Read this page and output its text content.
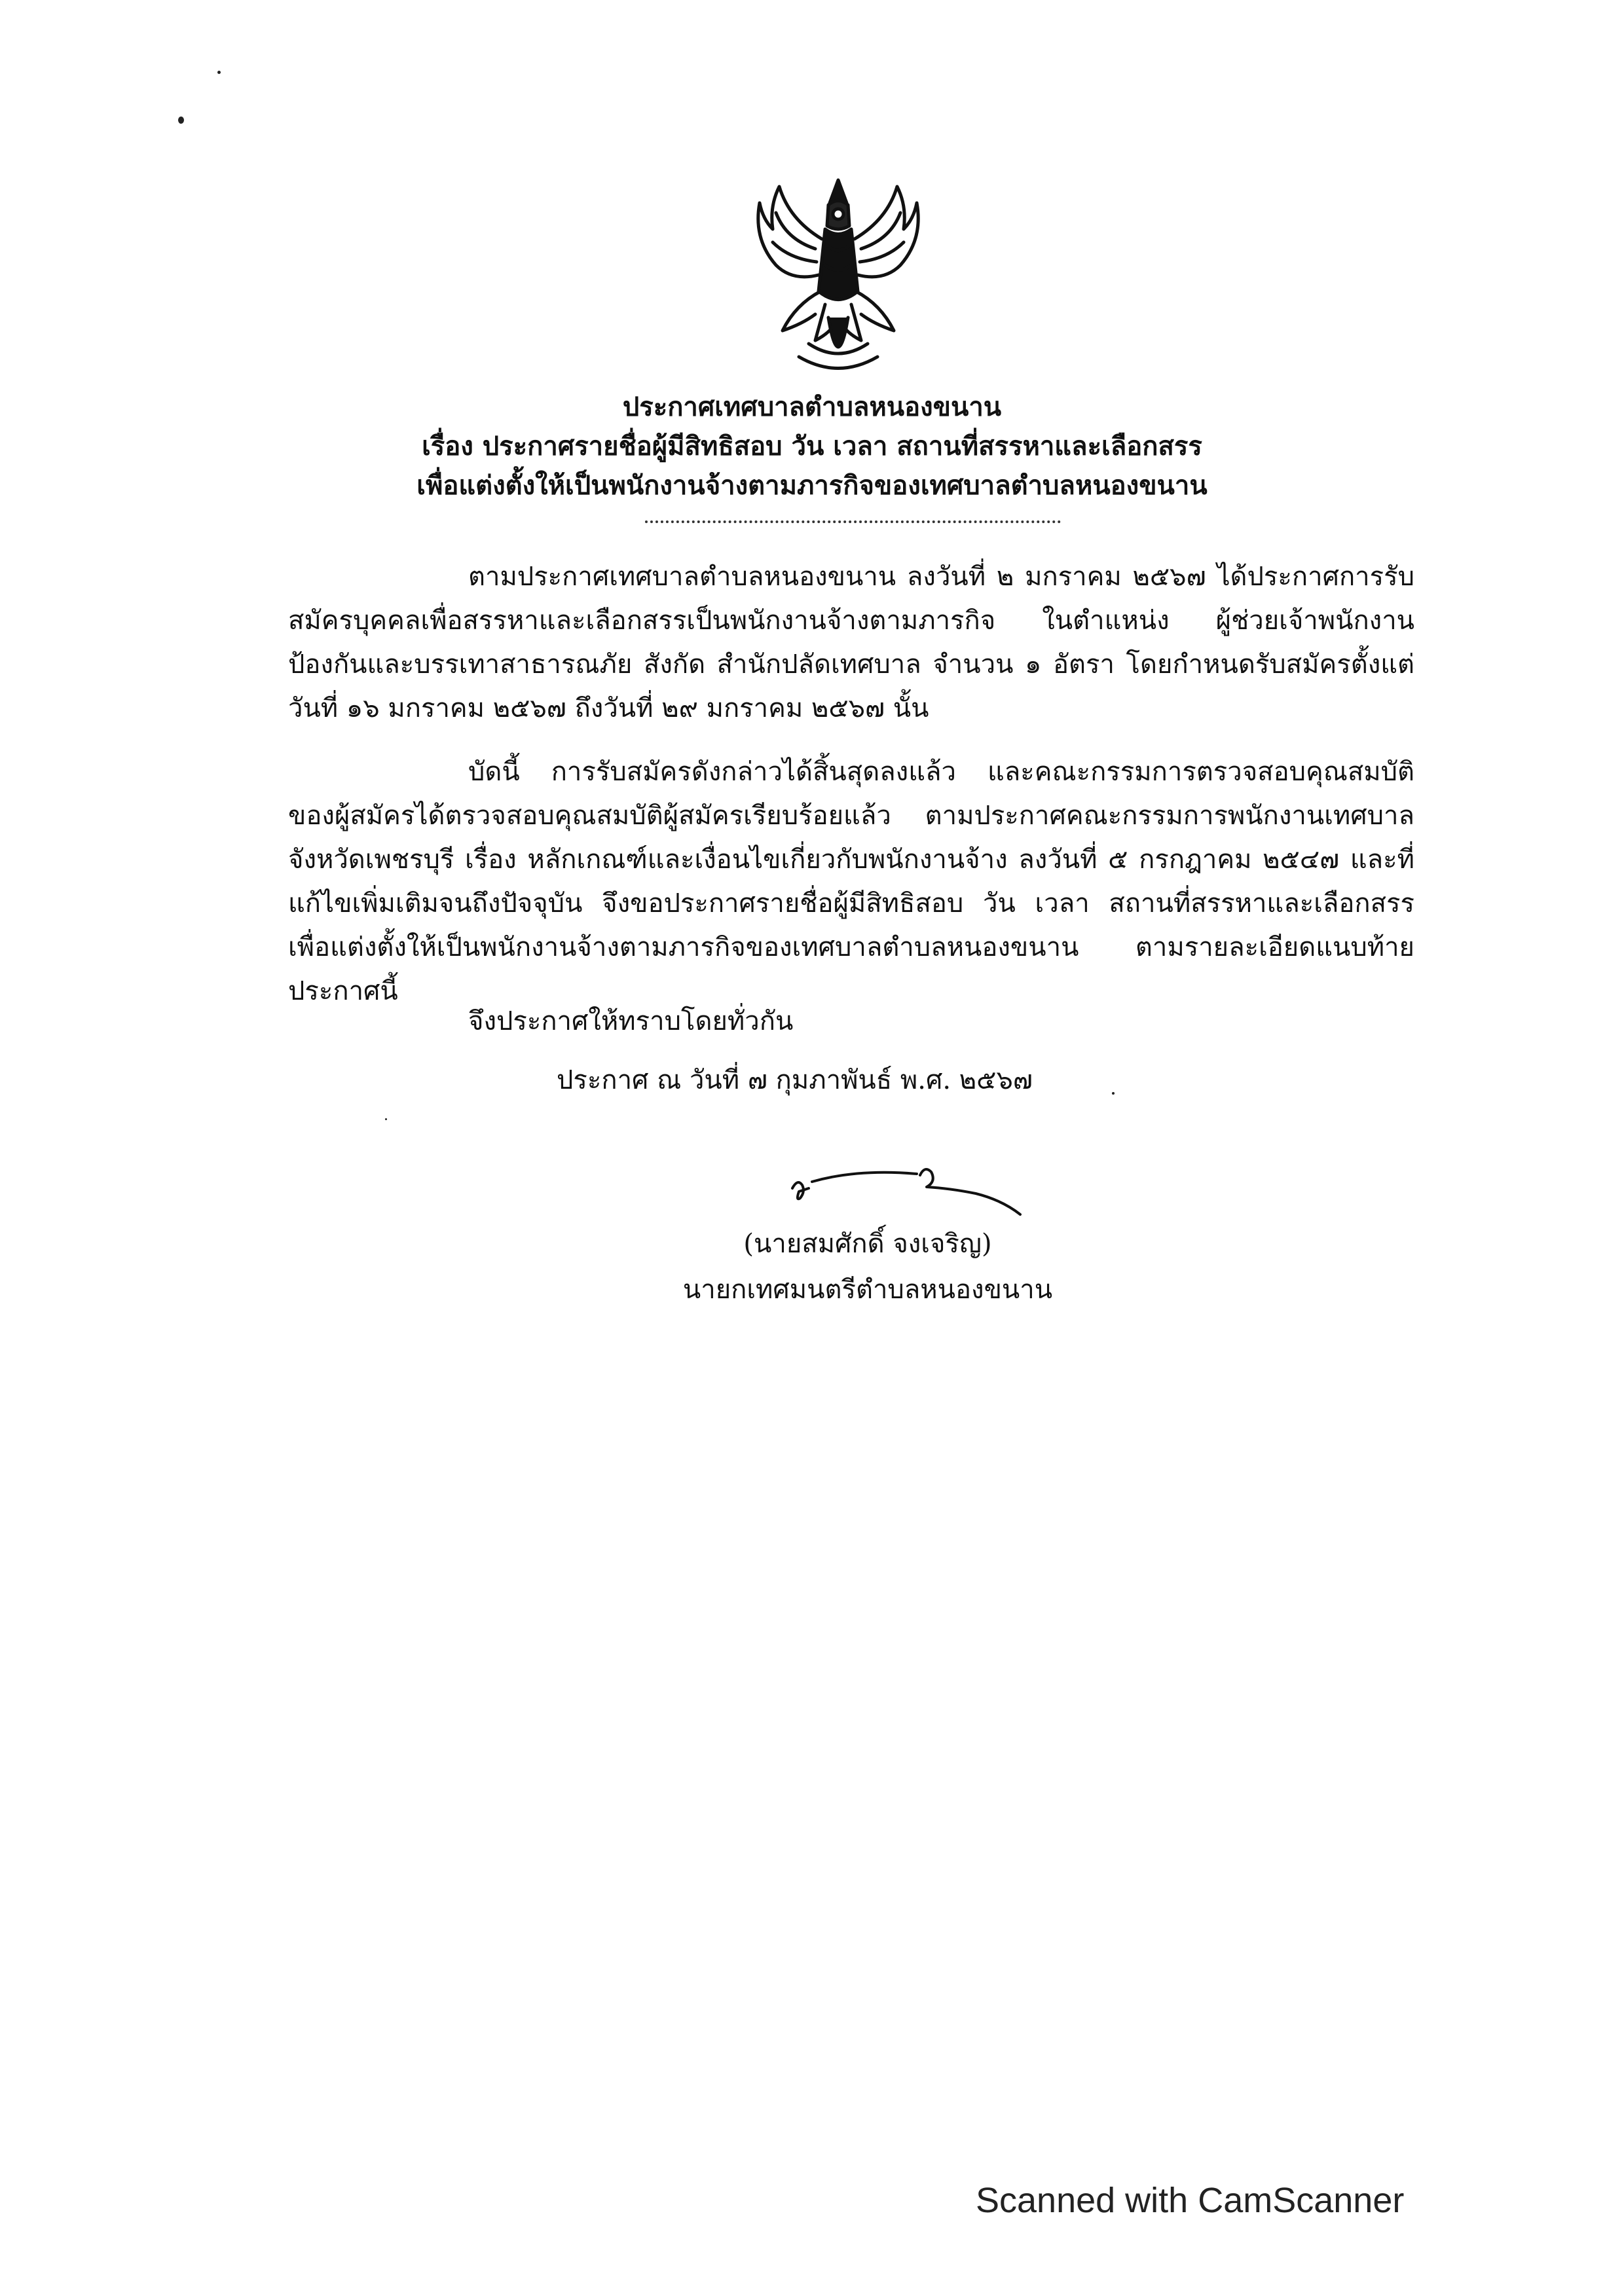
ประกาศเทศบาลตำบลหนองขนาน
เรื่อง ประกาศรายชื่อผู้มีสิทธิสอบ วัน เวลา สถานที่สรรหาและเลือกสรร
เพื่อแต่งตั้งให้เป็นพนักงานจ้างตามภารกิจของเทศบาลตำบลหนองขนาน
ตามประกาศเทศบาลตำบลหนองขนาน ลงวันที่ ๒ มกราคม ๒๕๖๗ ได้ประกาศการรับสมัครบุคคลเพื่อสรรหาและเลือกสรรเป็นพนักงานจ้างตามภารกิจ ในตำแหน่ง ผู้ช่วยเจ้าพนักงานป้องกันและบรรเทาสาธารณภัย สังกัด สำนักปลัดเทศบาล จำนวน ๑ อัตรา โดยกำหนดรับสมัครตั้งแต่วันที่ ๑๖ มกราคม ๒๕๖๗ ถึงวันที่ ๒๙ มกราคม ๒๕๖๗ นั้น
บัดนี้ การรับสมัครดังกล่าวได้สิ้นสุดลงแล้ว และคณะกรรมการตรวจสอบคุณสมบัติของผู้สมัครได้ตรวจสอบคุณสมบัติผู้สมัครเรียบร้อยแล้ว ตามประกาศคณะกรรมการพนักงานเทศบาลจังหวัดเพชรบุรี เรื่อง หลักเกณฑ์และเงื่อนไขเกี่ยวกับพนักงานจ้าง ลงวันที่ ๕ กรกฎาคม ๒๕๔๗ และที่แก้ไขเพิ่มเติมจนถึงปัจจุบัน จึงขอประกาศรายชื่อผู้มีสิทธิสอบ วัน เวลา สถานที่สรรหาและเลือกสรร เพื่อแต่งตั้งให้เป็นพนักงานจ้างตามภารกิจของเทศบาลตำบลหนองขนาน ตามรายละเอียดแนบท้ายประกาศนี้
จึงประกาศให้ทราบโดยทั่วกัน
ประกาศ ณ วันที่ ๗ กุมภาพันธ์ พ.ศ. ๒๕๖๗
(นายสมศักดิ์ จงเจริญ)
นายกเทศมนตรีตำบลหนองขนาน
Scanned with CamScanner
